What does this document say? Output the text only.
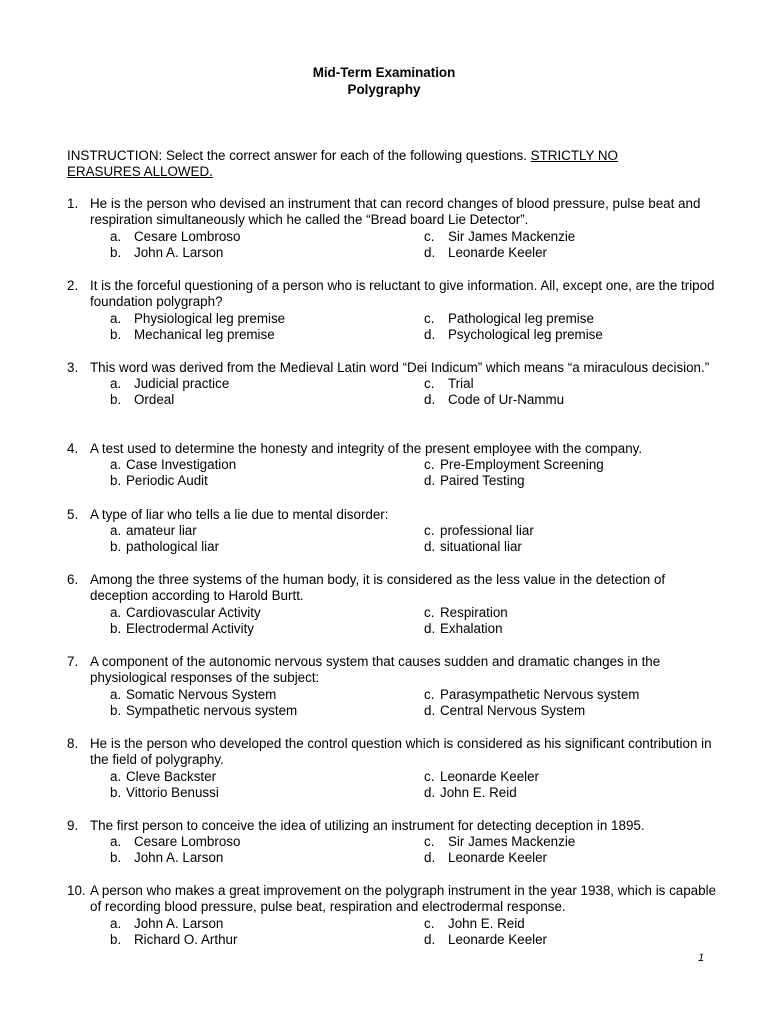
Mid-Term Examination
Polygraphy
INSTRUCTION: Select the correct answer for each of the following questions. STRICTLY NO
ERASURES ALLOWED.
1. He is the person who devised an instrument that can record changes of blood pressure, pulse beat and respiration simultaneously which he called the “Bread board Lie Detector”.
a. Cesare Lombroso
b. John A. Larson
c. Sir James Mackenzie
d. Leonarde Keeler
2. It is the forceful questioning of a person who is reluctant to give information. All, except one, are the tripod foundation polygraph?
a. Physiological leg premise
b. Mechanical leg premise
c. Pathological leg premise
d. Psychological leg premise
3. This word was derived from the Medieval Latin word “Dei Indicum” which means “a miraculous decision.”
a. Judicial practice
b. Ordeal
c. Trial
d. Code of Ur-Nammu
4. A test used to determine the honesty and integrity of the present employee with the company.
a. Case Investigation
b. Periodic Audit
c. Pre-Employment Screening
d. Paired Testing
5. A type of liar who tells a lie due to mental disorder:
a. amateur liar
b. pathological liar
c. professional liar
d. situational liar
6. Among the three systems of the human body, it is considered as the less value in the detection of deception according to Harold Burtt.
a. Cardiovascular Activity
b. Electrodermal Activity
c. Respiration
d. Exhalation
7. A component of the autonomic nervous system that causes sudden and dramatic changes in the physiological responses of the subject:
a. Somatic Nervous System
b. Sympathetic nervous system
c. Parasympathetic Nervous system
d. Central Nervous System
8. He is the person who developed the control question which is considered as his significant contribution in the field of polygraphy.
a. Cleve Backster
b. Vittorio Benussi
c. Leonarde Keeler
d. John E. Reid
9. The first person to conceive the idea of utilizing an instrument for detecting deception in 1895.
a. Cesare Lombroso
b. John A. Larson
c. Sir James Mackenzie
d. Leonarde Keeler
10. A person who makes a great improvement on the polygraph instrument in the year 1938, which is capable of recording blood pressure, pulse beat, respiration and electrodermal response.
a. John A. Larson
b. Richard O. Arthur
c. John E. Reid
d. Leonarde Keeler
1
